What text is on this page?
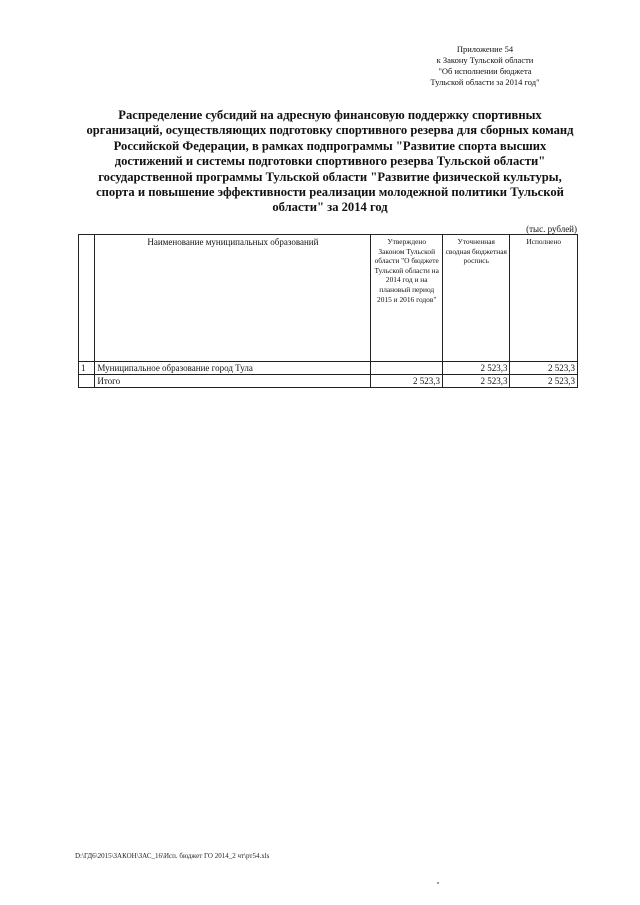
Приложение 54
к Закону Тульской области
"Об исполнении бюджета
Тульской области за 2014 год"
Распределение субсидий на адресную финансовую поддержку спортивных
организаций, осуществляющих подготовку спортивного резерва для сборных команд
Российской Федерации, в рамках подпрограммы "Развитие спорта высших
достижений и системы подготовки спортивного резерва Тульской области"
государственной программы Тульской области "Развитие физической культуры,
спорта и повышение эффективности реализации молодежной политики Тульской
области" за 2014 год
(тыс. рублей)
	Наименование муниципальных образований	Утверждено Законом Тульской области "О бюджете Тульской области на 2014 год и на плановый период 2015 и 2016 годов"	Уточненная сводная бюджетная роспись	Исполнено
1	Муниципальное образование город Тула		2 523,3	2 523,3
	Итого	2 523,3	2 523,3	2 523,3
D:\ГД6\2015\ЗАКОН\ЗАС_16\Исп. бюджет ГО 2014_2 чт\рт54.xls
